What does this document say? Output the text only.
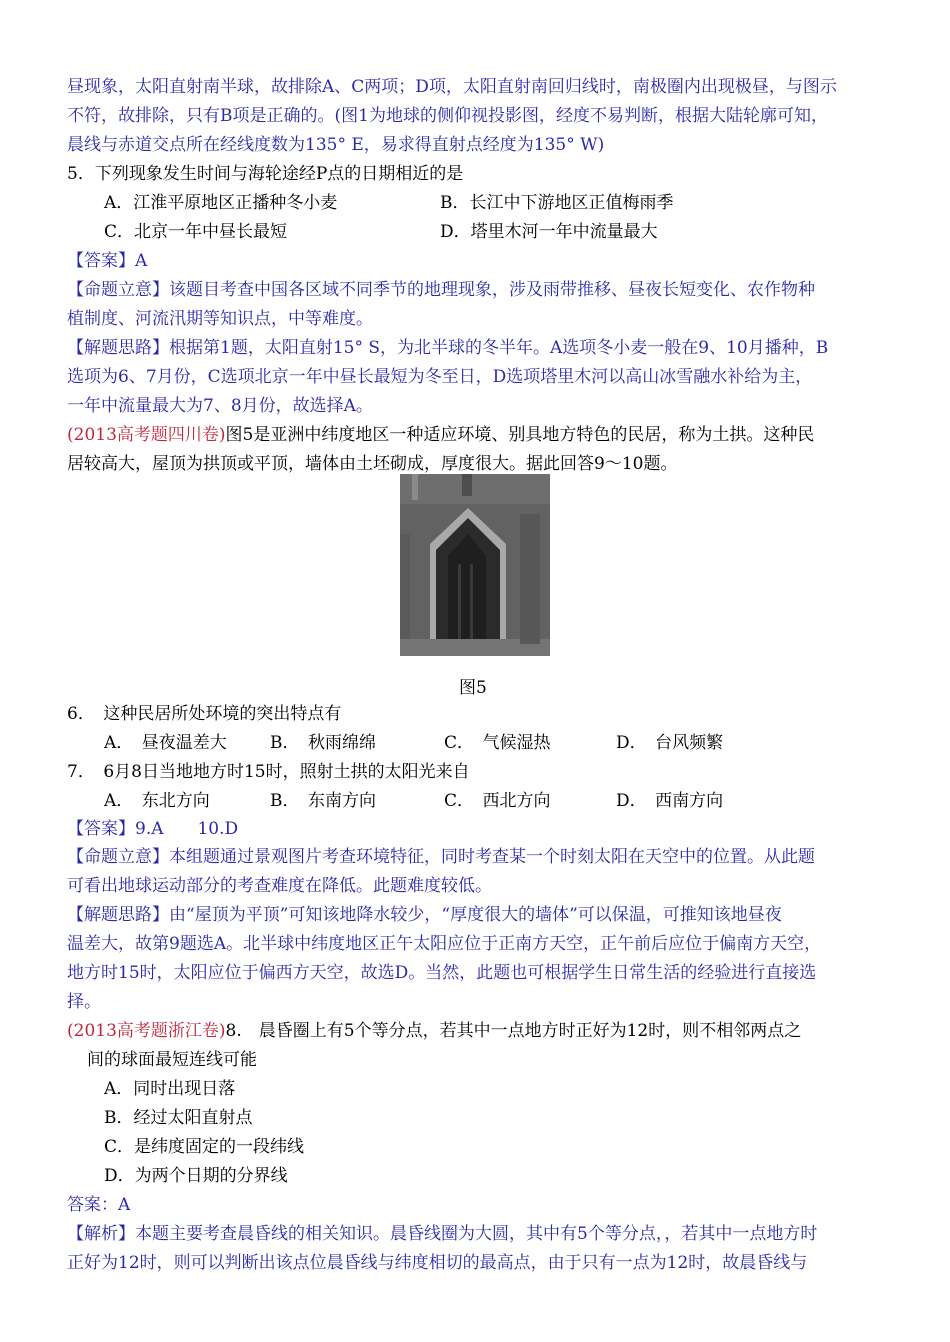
昼现象，太阳直射南半球，故排除A、C两项；D项，太阳直射南回归线时，南极圈内出现极昼，与图示
不符，故排除，只有B项是正确的。(图1为地球的侧仰视投影图，经度不易判断，根据大陆轮廓可知，
晨线与赤道交点所在经线度数为135° E，易求得直射点经度为135° W)
5．下列现象发生时间与海轮途经P点的日期相近的是
A．江淮平原地区正播种冬小麦	B．长江中下游地区正值梅雨季
C．北京一年中昼长最短	D．塔里木河一年中流量最大
【答案】A
【命题立意】该题目考查中国各区域不同季节的地理现象，涉及雨带推移、昼夜长短变化、农作物种
植制度、河流汛期等知识点，中等难度。
【解题思路】根据第1题，太阳直射15° S，为北半球的冬半年。A选项冬小麦一般在9、10月播种，B
选项为6、7月份，C选项北京一年中昼长最短为冬至日，D选项塔里木河以高山冰雪融水补给为主，
一年中流量最大为7、8月份，故选择A。
(2013高考题四川卷)图5是亚洲中纬度地区一种适应环境、别具地方特色的民居，称为土拱。这种民
居较高大，屋顶为拱顶或平顶，墙体由土坯砌成，厚度很大。据此回答9～10题。
图5
6．　这种民居所处环境的突出特点有
A．　昼夜温差大	B．　秋雨绵绵	C．　气候湿热	D．　台风频繁
7．　6月8日当地地方时15时，照射土拱的太阳光来自
A．　东北方向	B．　东南方向	C．　西北方向	D．　西南方向
【答案】9.A　　10.D
【命题立意】本组题通过景观图片考查环境特征，同时考查某一个时刻太阳在天空中的位置。从此题
可看出地球运动部分的考查难度在降低。此题难度较低。
【解题思路】由“屋顶为平顶”可知该地降水较少，“厚度很大的墙体”可以保温，可推知该地昼夜
温差大，故第9题选A。北半球中纬度地区正午太阳应位于正南方天空，正午前后应位于偏南方天空，
地方时15时，太阳应位于偏西方天空，故选D。当然，此题也可根据学生日常生活的经验进行直接选
择。
(2013高考题浙江卷)8.　晨昏圈上有5个等分点，若其中一点地方时正好为12时，则不相邻两点之
间的球面最短连线可能
A．同时出现日落
B．经过太阳直射点
C．是纬度固定的一段纬线
D．为两个日期的分界线
答案：A
【解析】本题主要考查晨昏线的相关知识。晨昏线圈为大圆，其中有5个等分点，，若其中一点地方时
正好为12时，则可以判断出该点位晨昏线与纬度相切的最高点，由于只有一点为12时，故晨昏线与
